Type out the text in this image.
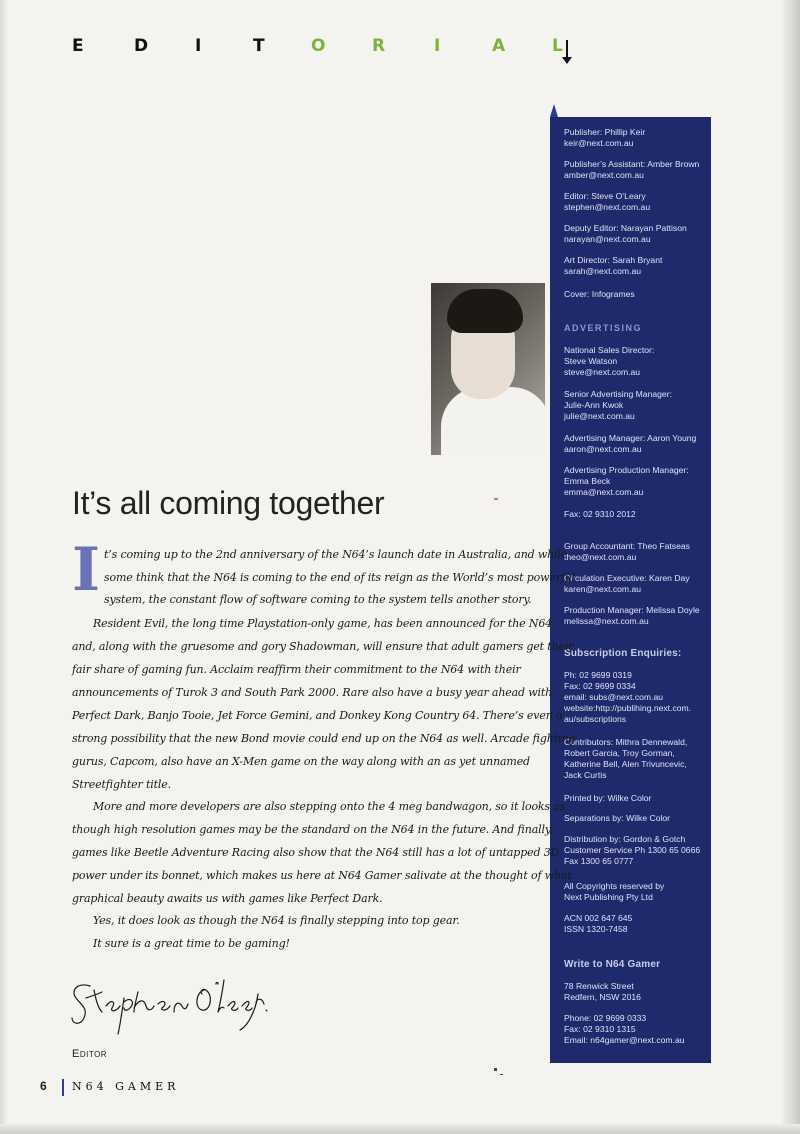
E	D	I	T	O	R	I	A	L
Publisher: Phillip Keir
keir@next.com.au
Publisher’s Assistant: Amber Brown
amber@next.com.au
Editor: Steve O’Leary
stephen@next.com.au
Deputy Editor: Narayan Pattison
narayan@next.com.au
Art Director: Sarah Bryant
sarah@next.com.au
Cover: Infogrames
ADVERTISING
National Sales Director:
Steve Watson
steve@next.com.au
Senior Advertising Manager:
Julie-Ann Kwok
julie@next.com.au
Advertising Manager: Aaron Young
aaron@next.com.au
Advertising Production Manager:
Emma Beck
emma@next.com.au
Fax: 02 9310 2012
Group Accountant: Theo Fatseas
theo@next.com.au
Circulation Executive: Karen Day
karen@next.com.au
Production Manager: Melissa Doyle
melissa@next.com.au
Subscription Enquiries:
Ph: 02 9699 0319
Fax: 02 9699 0334
email: subs@next.com.au
website:http://publihing.next.com.
au/subscriptions
Contributors: Mithra Dennewald,
Robert Garcia, Troy Gorman,
Katherine Bell, Alen Trivuncevic,
Jack Curtis
Printed by: Wilke Color
Separations by: Wilke Color
Distribution by: Gordon & Gotch
Customer Service Ph 1300 65 0666
Fax 1300 65 0777
All Copyrights reserved by
Next Publishing Pty Ltd
ACN 002 647 645
ISSN 1320-7458
Write to N64 Gamer
78 Renwick Street
Redfern, NSW 2016
Phone: 02 9699 0333
Fax: 02 9310 1315
Email: n64gamer@next.com.au
It’s all coming together
I t’s coming up to the 2nd anniversary of the N64’s launch date in Australia, and while
some think that the N64 is coming to the end of its reign as the World’s most powerful
system, the constant flow of software coming to the system tells another story.
Resident Evil, the long time Playstation-only game, has been announced for the N64
and, along with the gruesome and gory Shadowman, will ensure that adult gamers get their
fair share of gaming fun. Acclaim reaffirm their commitment to the N64 with their
announcements of Turok 3 and South Park 2000. Rare also have a busy year ahead with
Perfect Dark, Banjo Tooie, Jet Force Gemini, and Donkey Kong Country 64. There’s even a
strong possibility that the new Bond movie could end up on the N64 as well. Arcade fighting
gurus, Capcom, also have an X-Men game on the way along with an as yet unnamed
Streetfighter title.
More and more developers are also stepping onto the 4 meg bandwagon, so it looks as
though high resolution games may be the standard on the N64 in the future. And finally,
games like Beetle Adventure Racing also show that the N64 still has a lot of untapped 3D
power under its bonnet, which makes us here at N64 Gamer salivate at the thought of what
graphical beauty awaits us with games like Perfect Dark.
Yes, it does look as though the N64 is finally stepping into top gear.
It sure is a great time to be gaming!
Editor
6 N64 GAMER
